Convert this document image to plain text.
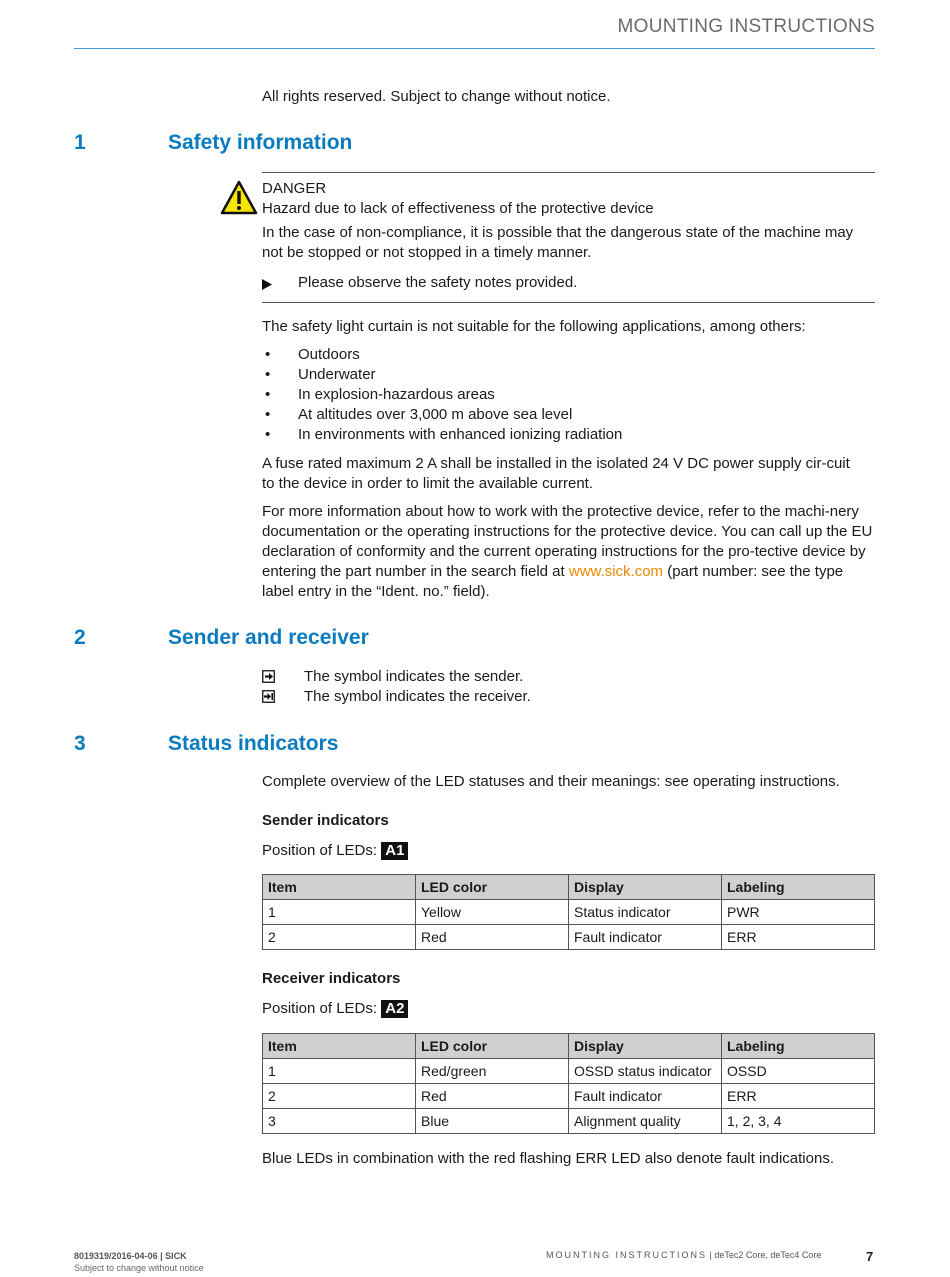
MOUNTING INSTRUCTIONS
All rights reserved. Subject to change without notice.
1	Safety information
DANGER
Hazard due to lack of effectiveness of the protective device
In the case of non-compliance, it is possible that the dangerous state of the machine may not be stopped or not stopped in a timely manner.
Please observe the safety notes provided.
The safety light curtain is not suitable for the following applications, among others:
• Outdoors
• Underwater
• In explosion-hazardous areas
• At altitudes over 3,000 m above sea level
• In environments with enhanced ionizing radiation
A fuse rated maximum 2 A shall be installed in the isolated 24 V DC power supply cir-cuit to the device in order to limit the available current.
For more information about how to work with the protective device, refer to the machi-nery documentation or the operating instructions for the protective device. You can call up the EU declaration of conformity and the current operating instructions for the pro-tective device by entering the part number in the search field at www.sick.com (part number: see the type label entry in the “Ident. no.” field).
2	Sender and receiver
The symbol indicates the sender.
The symbol indicates the receiver.
3	Status indicators
Complete overview of the LED statuses and their meanings: see operating instructions.
Sender indicators
Position of LEDs: A1
Item	LED color	Display	Labeling
1	Yellow	Status indicator	PWR
2	Red	Fault indicator	ERR
Receiver indicators
Position of LEDs: A2
Item	LED color	Display	Labeling
1	Red/green	OSSD status indicator	OSSD
2	Red	Fault indicator	ERR
3	Blue	Alignment quality	1, 2, 3, 4
Blue LEDs in combination with the red flashing ERR LED also denote fault indications.
8019319/2016-04-06 | SICK
Subject to change without notice
MOUNTING INSTRUCTIONS | deTec2 Core, deTec4 Core	7
